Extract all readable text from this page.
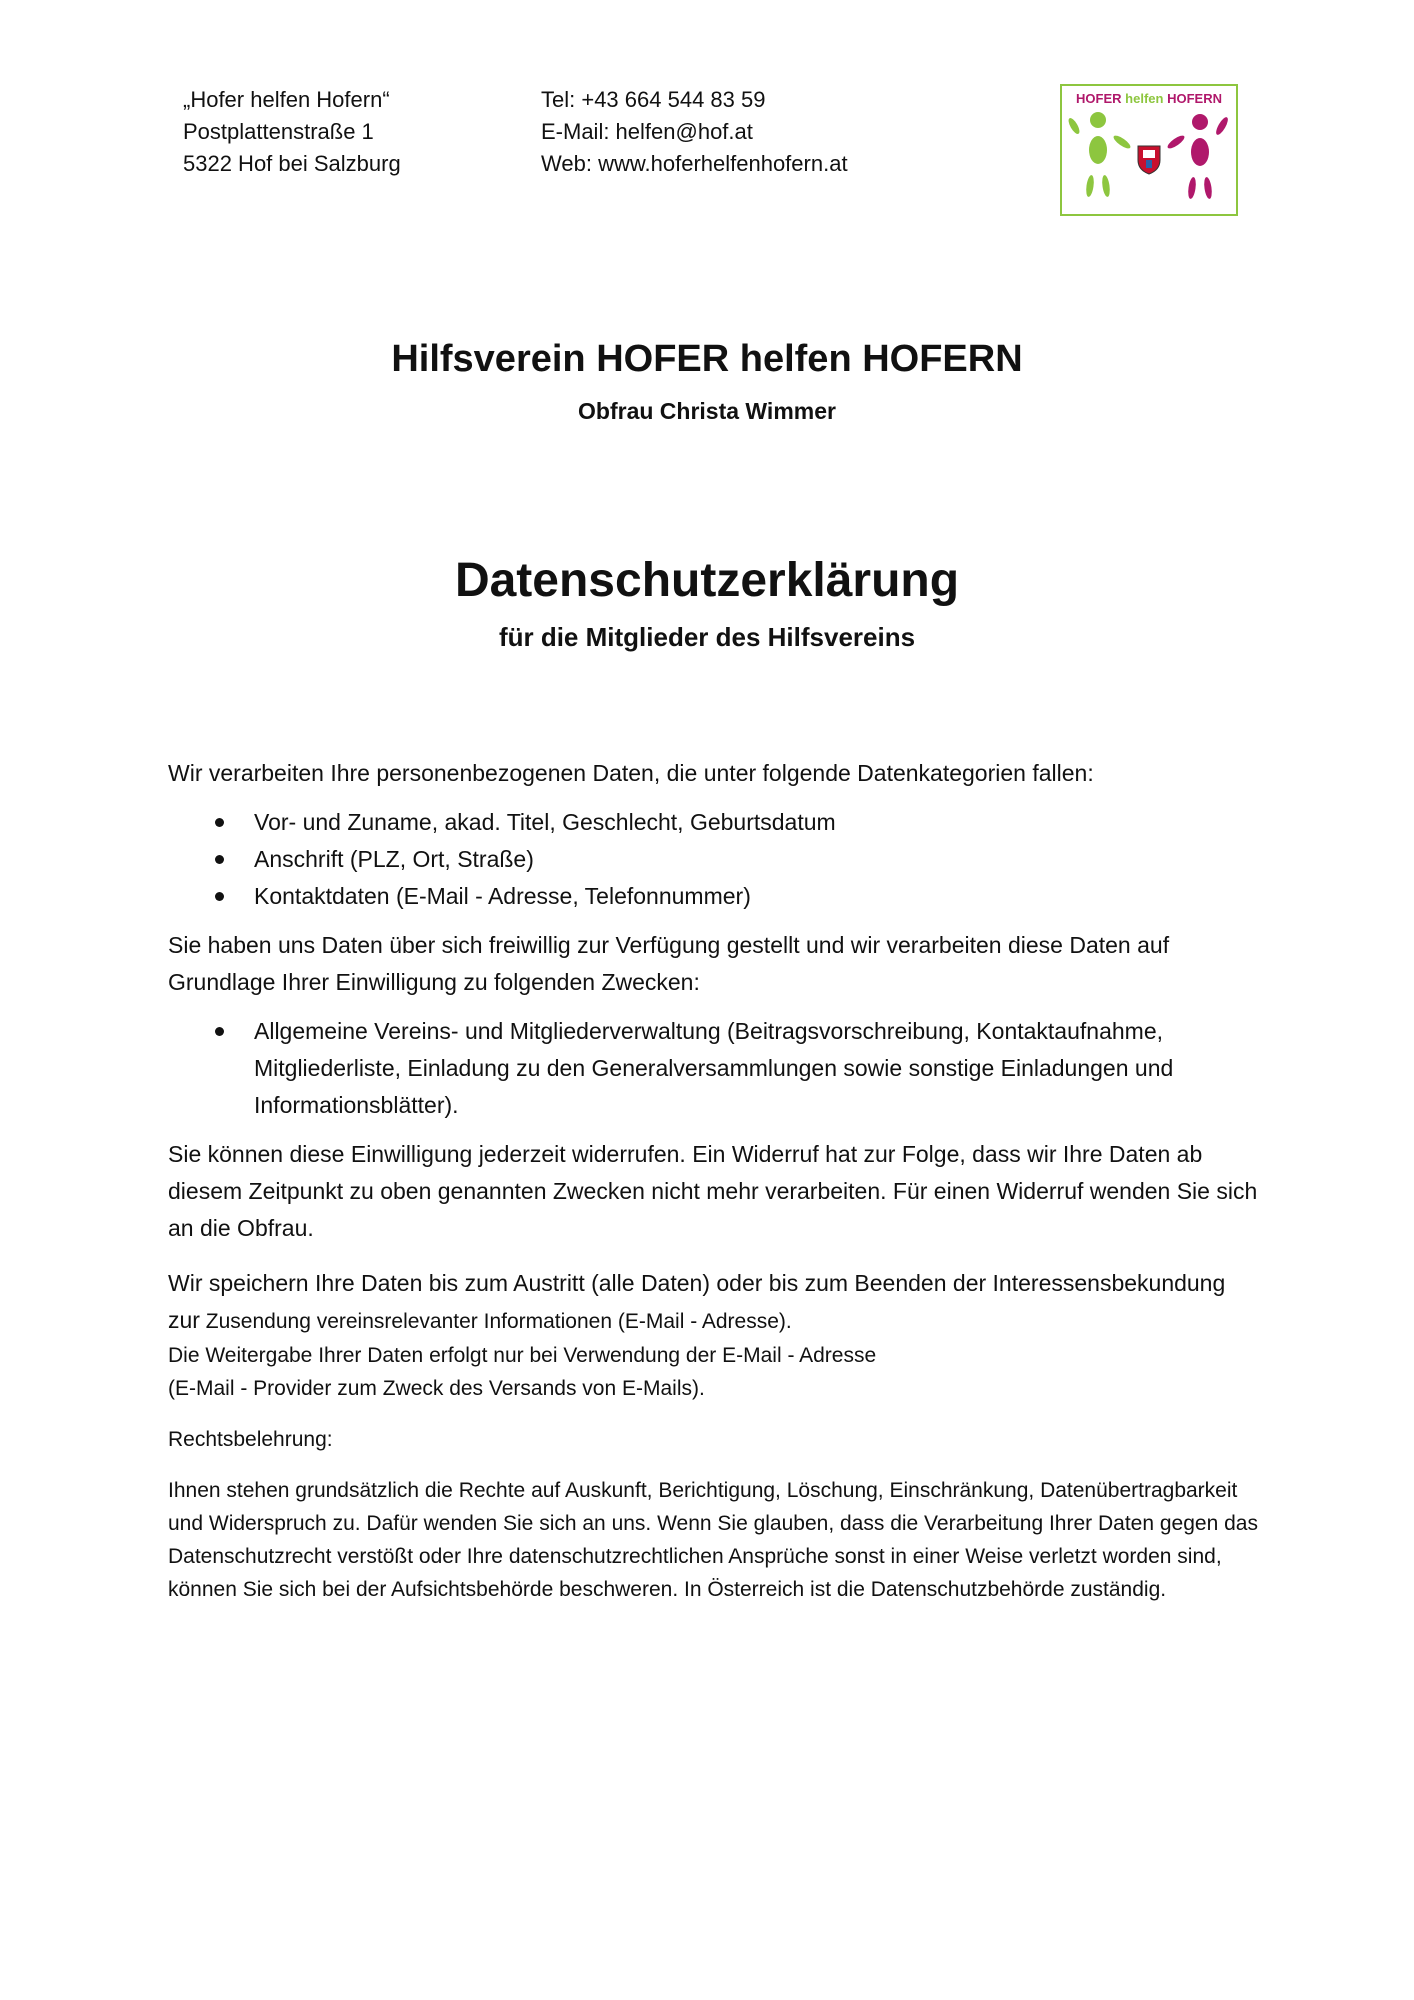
„Hofer helfen Hofern“
Postplattenstraße 1
5322 Hof bei Salzburg
Tel: +43 664 544 83 59
E-Mail: helfen@hof.at
Web: www.hoferhelfenhofern.at
HOFER helfen HOFERN
Hilfsverein HOFER helfen HOFERN
Obfrau Christa Wimmer
Datenschutzerklärung
für die Mitglieder des Hilfsvereins

Wir verarbeiten Ihre personenbezogenen Daten, die unter folgende Datenkategorien fallen:

Vor- und Zuname, akad. Titel, Geschlecht, Geburtsdatum
Anschrift (PLZ, Ort, Straße)
Kontaktdaten (E-Mail - Adresse, Telefonnummer)

Sie haben uns Daten über sich freiwillig zur Verfügung gestellt und wir verarbeiten diese Daten auf Grundlage Ihrer Einwilligung zu folgenden Zwecken:

Allgemeine Vereins- und Mitgliederverwaltung (Beitragsvorschreibung, Kontaktaufnahme, Mitgliederliste, Einladung zu den Generalversammlungen sowie sonstige Einladungen und Informationsblätter).

Sie können diese Einwilligung jederzeit widerrufen. Ein Widerruf hat zur Folge, dass wir Ihre Daten ab diesem Zeitpunkt zu oben genannten Zwecken nicht mehr verarbeiten. Für einen Widerruf wenden Sie sich an die Obfrau.

Wir speichern Ihre Daten bis zum Austritt (alle Daten) oder bis zum Beenden der Interessensbekundung zur Zusendung vereinsrelevanter Informationen (E-Mail - Adresse).

Die Weitergabe Ihrer Daten erfolgt nur bei Verwendung der E-Mail - Adresse

(E-Mail - Provider zum Zweck des Versands von E-Mails).

Rechtsbelehrung:

Ihnen stehen grundsätzlich die Rechte auf Auskunft, Berichtigung, Löschung, Einschränkung, Datenübertragbarkeit und Widerspruch zu. Dafür wenden Sie sich an uns. Wenn Sie glauben, dass die Verarbeitung Ihrer Daten gegen das Datenschutzrecht verstößt oder Ihre datenschutzrechtlichen Ansprüche sonst in einer Weise verletzt worden sind, können Sie sich bei der Aufsichtsbehörde beschweren. In Österreich ist die Datenschutzbehörde zuständig.
